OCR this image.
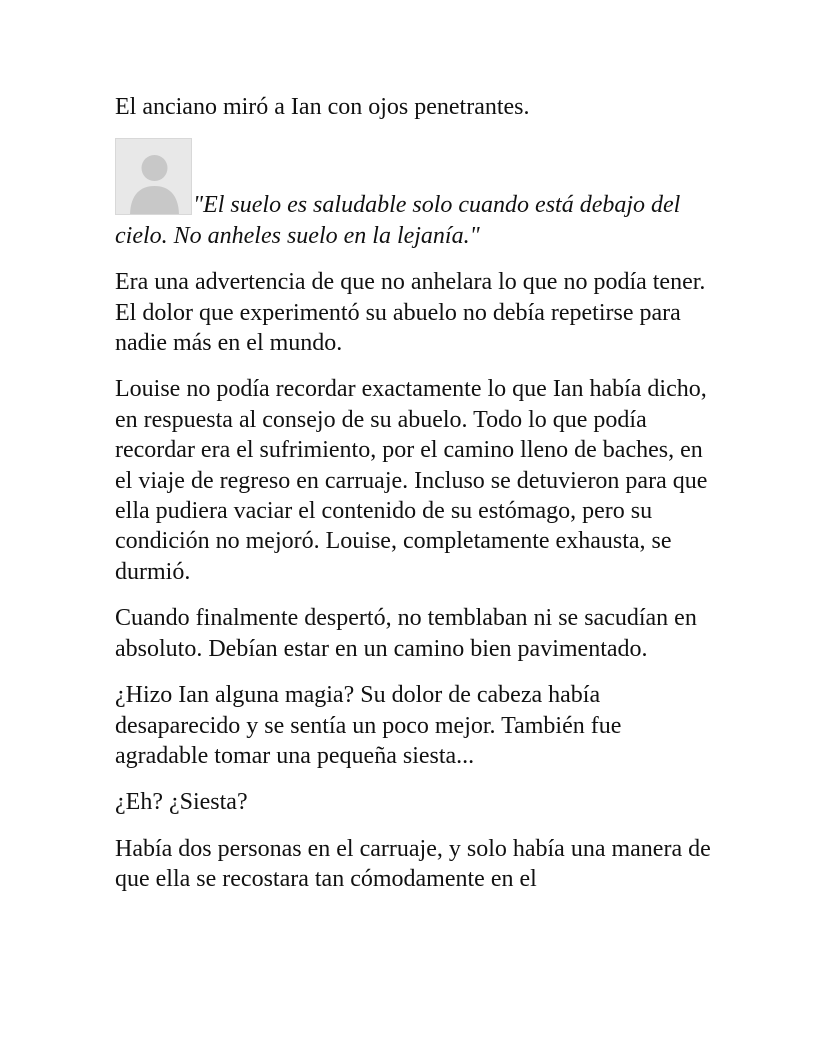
El anciano miró a Ian con ojos penetrantes.

"El suelo es saludable solo cuando está debajo del cielo. No anheles suelo en la lejanía."

Era una advertencia de que no anhelara lo que no podía tener. El dolor que experimentó su abuelo no debía repetirse para nadie más en el mundo.

Louise no podía recordar exactamente lo que Ian había dicho, en respuesta al consejo de su abuelo. Todo lo que podía recordar era el sufrimiento, por el camino lleno de baches, en el viaje de regreso en carruaje. Incluso se detuvieron para que ella pudiera vaciar el contenido de su estómago, pero su condición no mejoró. Louise, completamente exhausta, se durmió.

Cuando finalmente despertó, no temblaban ni se sacudían en absoluto. Debían estar en un camino bien pavimentado.

¿Hizo Ian alguna magia? Su dolor de cabeza había desaparecido y se sentía un poco mejor. También fue agradable tomar una pequeña siesta...

¿Eh? ¿Siesta?

Había dos personas en el carruaje, y solo había una manera de que ella se recostara tan cómodamente en el
